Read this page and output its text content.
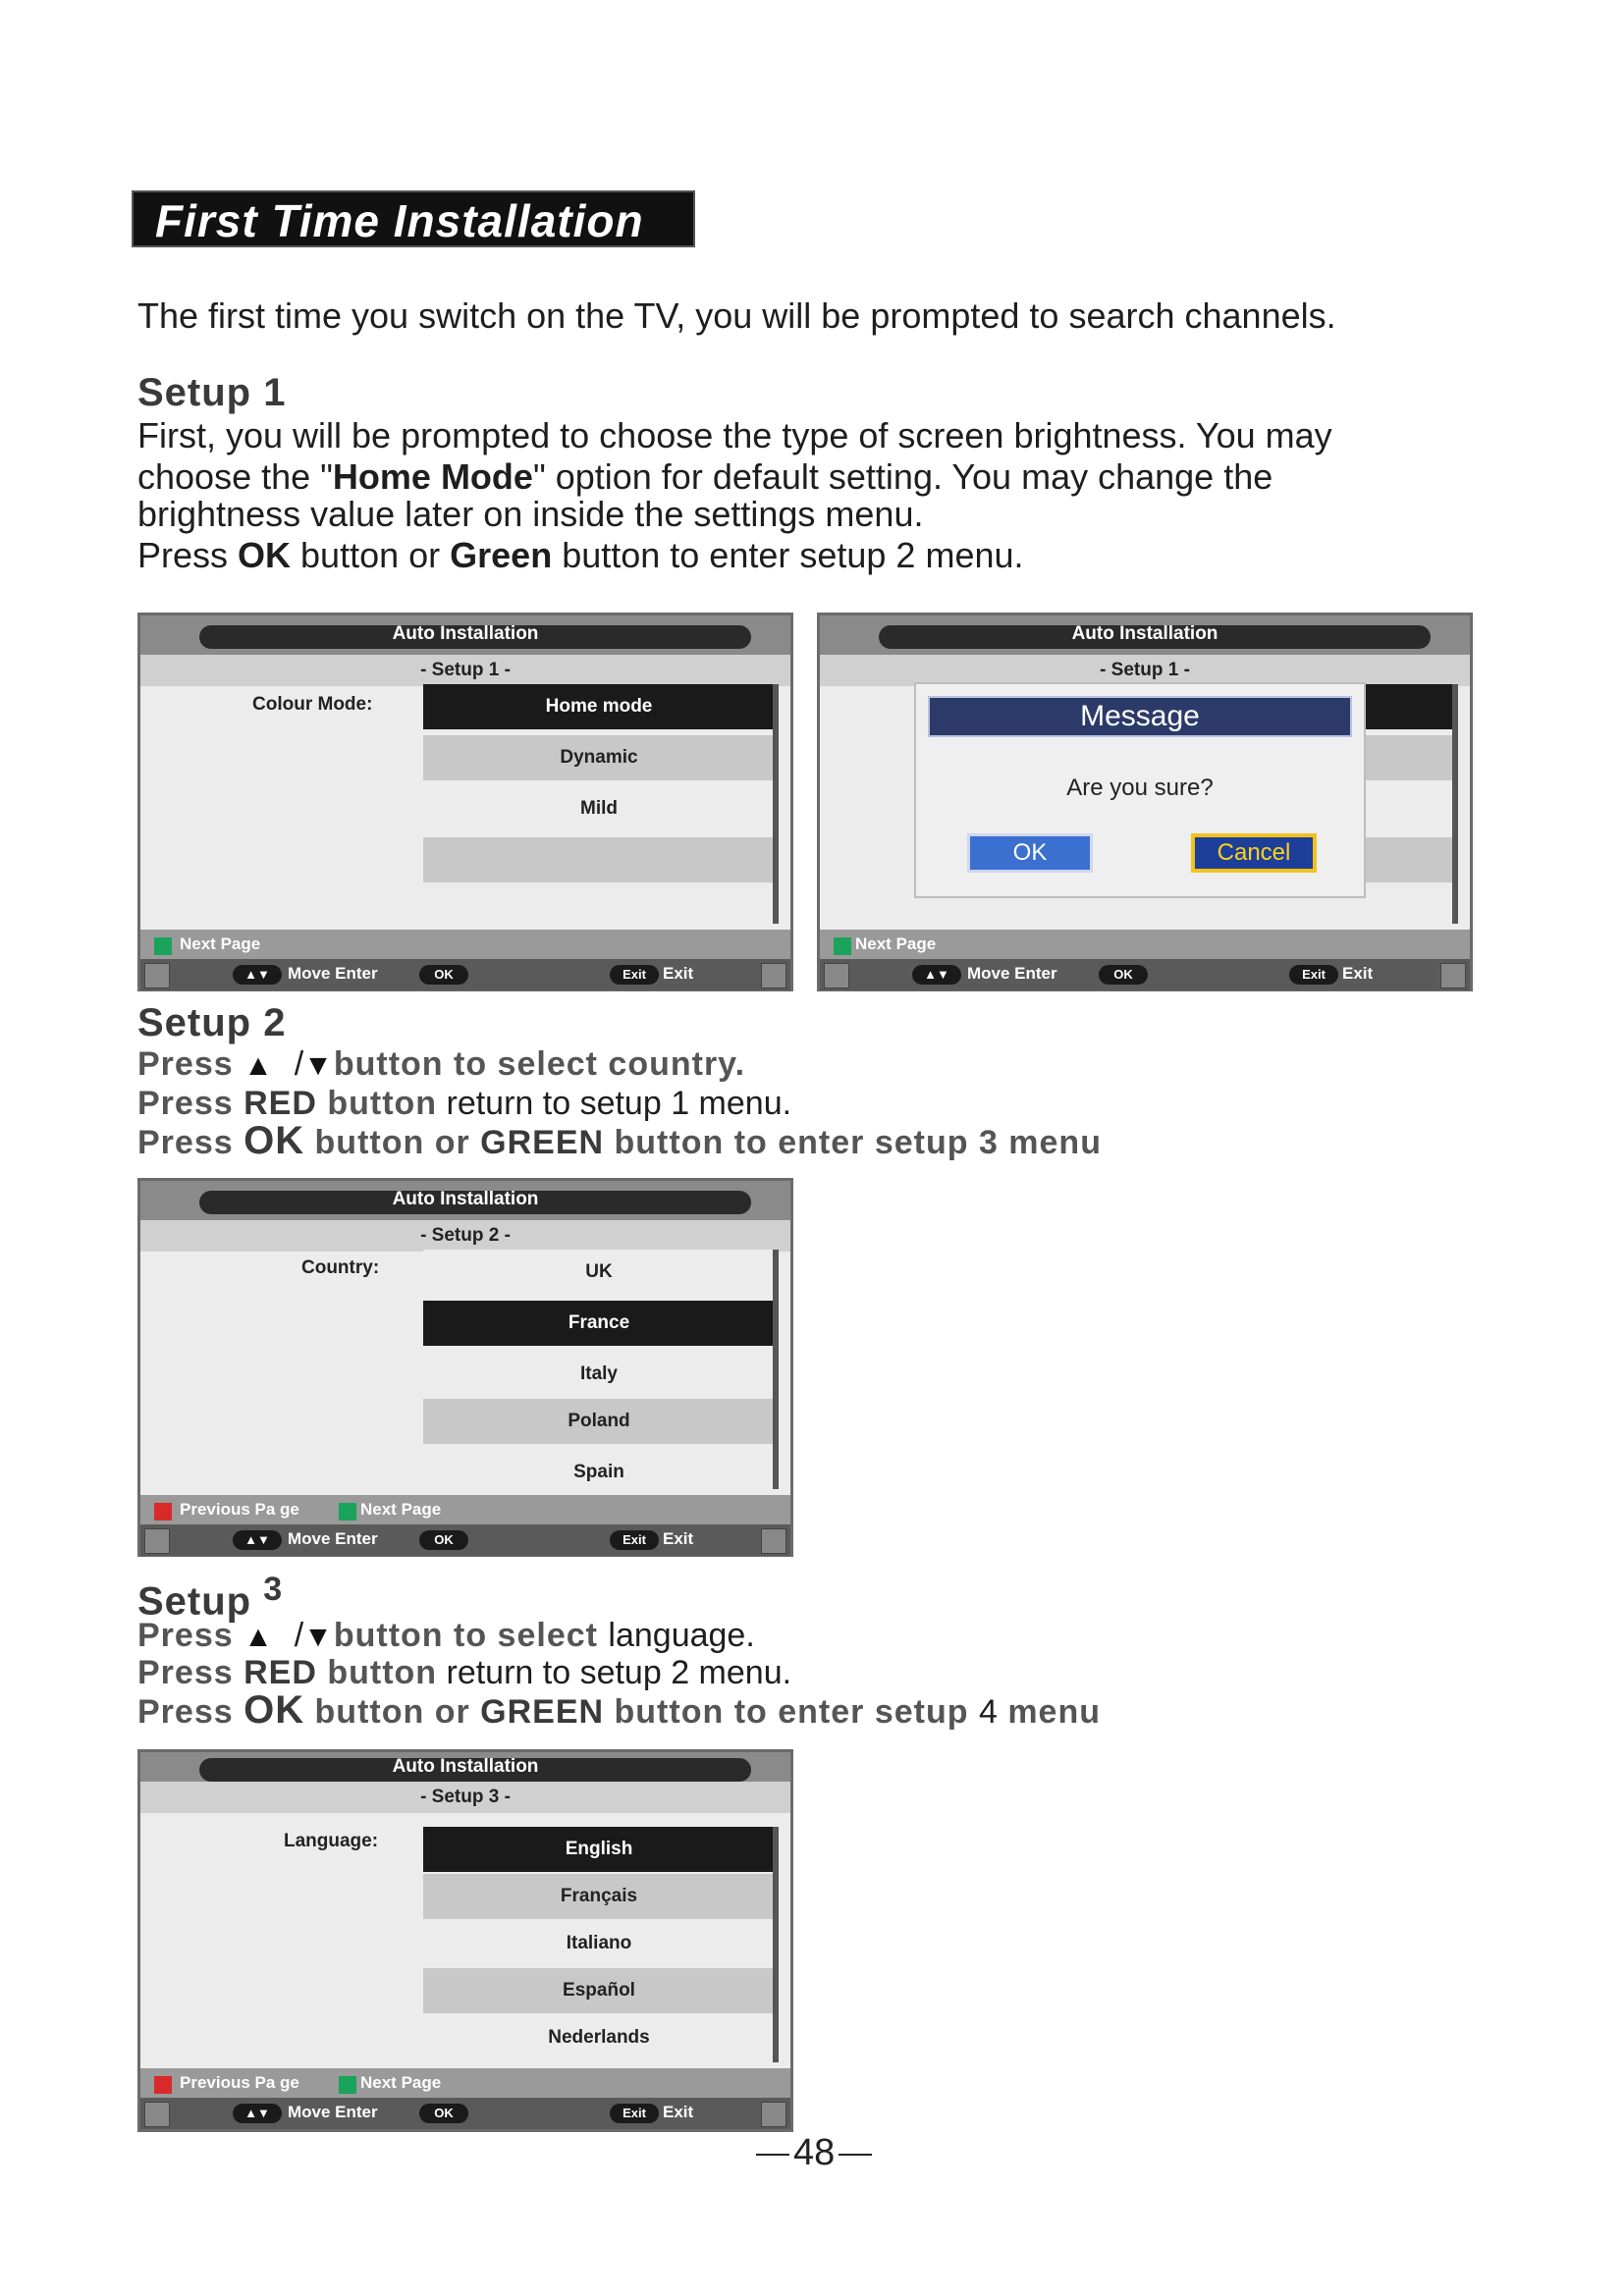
First Time Installation
The first time you switch on the TV, you will be prompted to search channels.
Setup 1
First, you will be prompted to choose the type of screen brightness. You may
choose the "Home Mode" option for default setting. You may change the
brightness value later on inside the settings menu.
Press OK button or Green button to enter setup 2 menu.
Auto Installation
- Setup 1 -
Colour Mode:	Home mode
Dynamic
Mild
Next Page
▲▼	Move Enter	OK	Exit	Exit
Auto Installation
- Setup 1 -
Message
Are you sure?
OK	Cancel
Next Page
▲▼	Move Enter	OK	Exit	Exit
Setup 2
Press ▲ /▼button to select country.
Press RED button return to setup 1 menu.
Press OK button or GREEN button to enter setup 3 menu
Auto Installation
- Setup 2 -
Country:	UK
France
Italy
Poland
Spain
Previous Pa ge	Next Page
▲▼	Move Enter	OK	Exit	Exit
Setup $^3$
Press ▲ /▼button to select language.
Press RED button return to setup 2 menu.
Press OK button or GREEN button to enter setup 4 menu
Auto Installation
- Setup 3 -
Language:	English
Français
Italiano
Español
Nederlands
Previous Pa ge	Next Page
▲▼	Move Enter	OK	Exit	Exit
48
